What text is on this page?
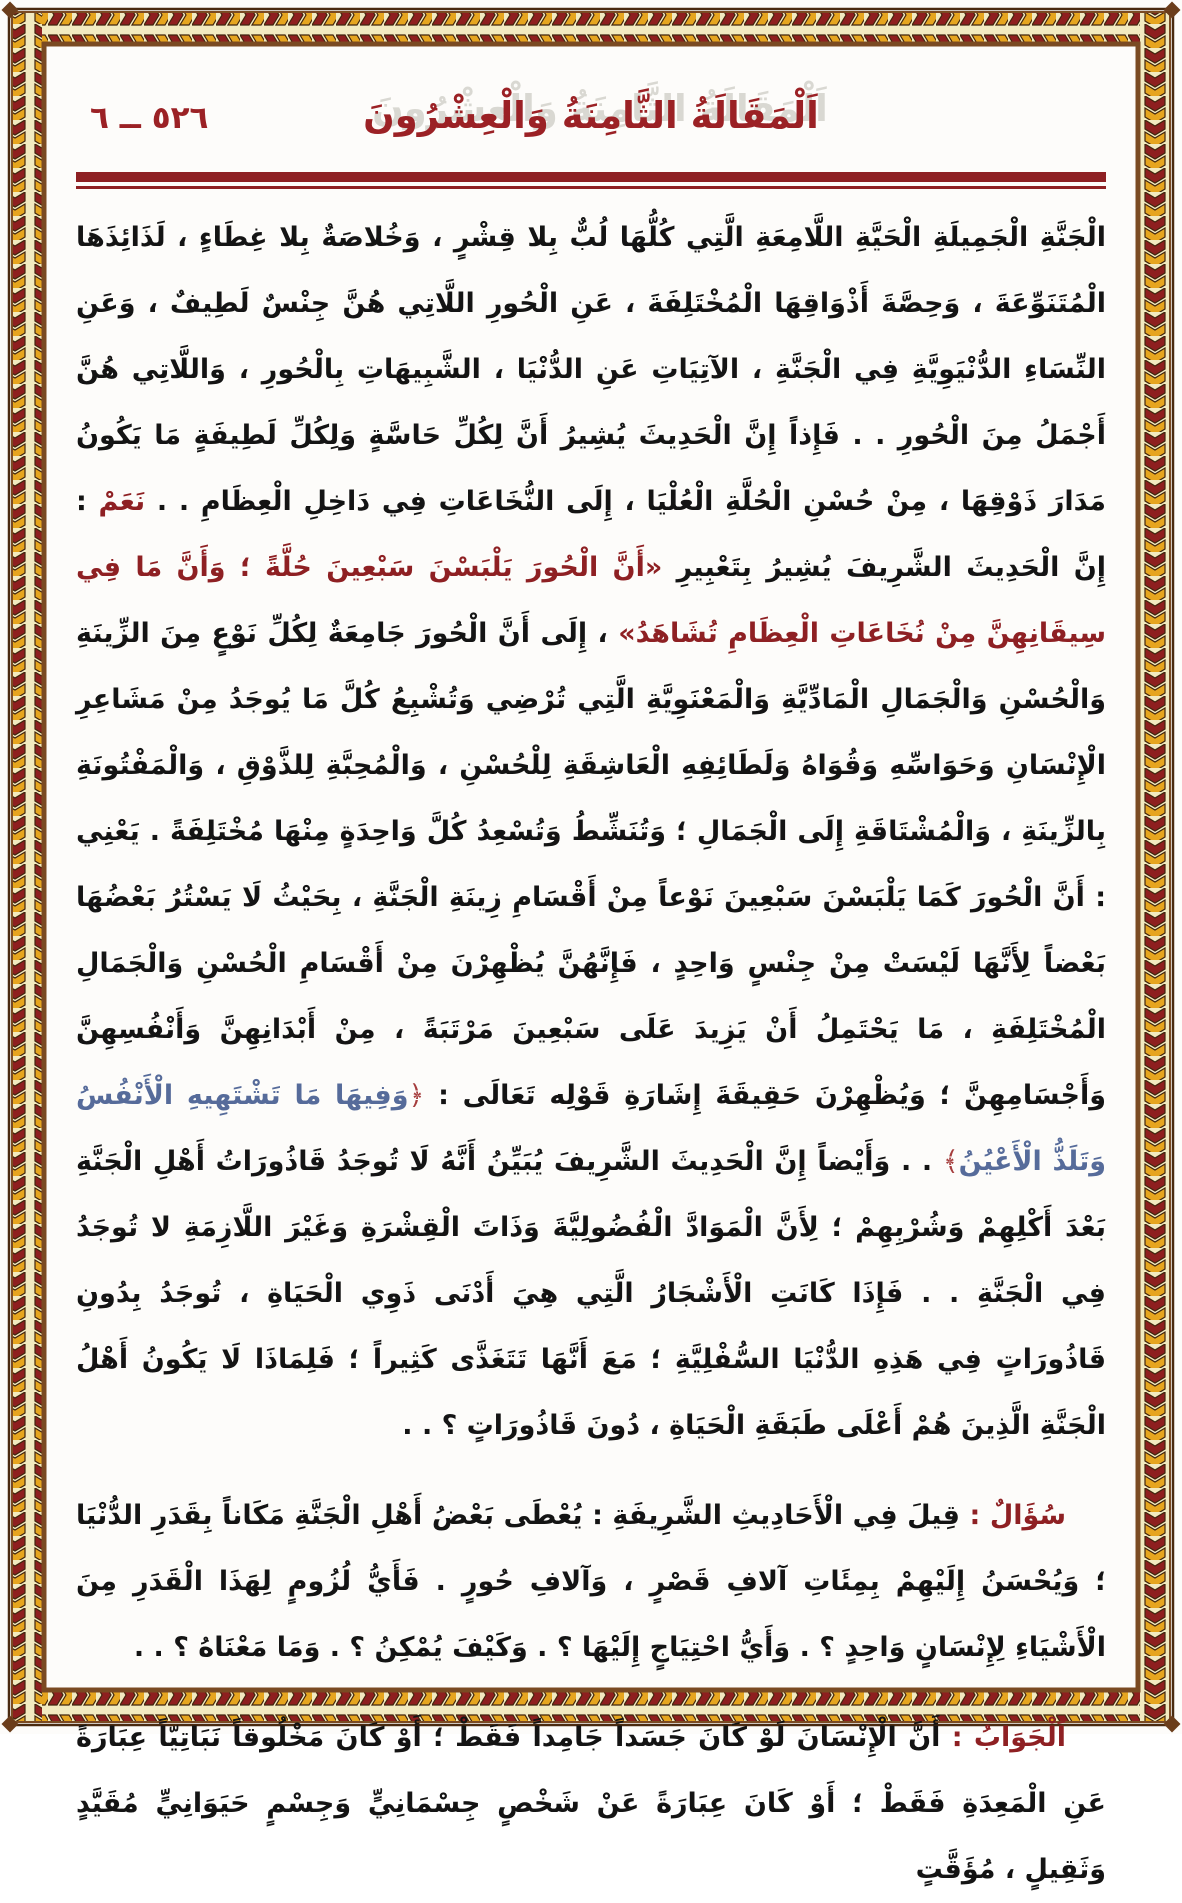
اَلْمَقَالَةُ الثَّامِنَةُ وَالْعِشْرُونَ
٥٢٦ ــ ٦

الْجَنَّةِ الْجَمِيلَةِ الْحَيَّةِ اللَّامِعَةِ الَّتِي كُلُّهَا لُبٌّ بِلا قِشْرٍ ، وَخُلاصَةٌ بِلا غِطَاءٍ ، لَذَائِذَهَا الْمُتَنَوِّعَةَ ، وَحِصَّةَ أَذْوَاقِهَا الْمُخْتَلِفَةَ ، عَنِ الْحُورِ اللَّاتِي هُنَّ جِنْسٌ لَطِيفٌ ، وَعَنِ النِّسَاءِ الدُّنْيَوِيَّةِ فِي الْجَنَّةِ ، الآتِيَاتِ عَنِ الدُّنْيَا ، الشَّبِيهَاتِ بِالْحُورِ ، وَاللَّاتِي هُنَّ أَجْمَلُ مِنَ الْحُورِ . . فَإِذاً إِنَّ الْحَدِيثَ يُشِيرُ أَنَّ لِكُلِّ حَاسَّةٍ وَلِكُلِّ لَطِيفَةٍ مَا يَكُونُ مَدَارَ ذَوْقِهَا ، مِنْ حُسْنِ الْحُلَّةِ الْعُلْيَا ، إِلَى النُّخَاعَاتِ فِي دَاخِلِ الْعِظَامِ . . نَعَمْ : إِنَّ الْحَدِيثَ الشَّرِيفَ يُشِيرُ بِتَعْبِيرِ «أَنَّ الْحُورَ يَلْبَسْنَ سَبْعِينَ حُلَّةً ؛ وَأَنَّ مَا فِي سِيقَانِهِنَّ مِنْ نُخَاعَاتِ الْعِظَامِ تُشَاهَدُ» ، إِلَى أَنَّ الْحُورَ جَامِعَةٌ لِكُلِّ نَوْعٍ مِنَ الزِّينَةِ وَالْحُسْنِ وَالْجَمَالِ الْمَادِّيَّةِ وَالْمَعْنَوِيَّةِ الَّتِي تُرْضِي وَتُشْبِعُ كُلَّ مَا يُوجَدُ مِنْ مَشَاعِرِ الْإِنْسَانِ وَحَوَاسِّهِ وَقُوَاهُ وَلَطَائِفِهِ الْعَاشِقَةِ لِلْحُسْنِ ، وَالْمُحِبَّةِ لِلذَّوْقِ ، وَالْمَفْتُونَةِ بِالزِّينَةِ ، وَالْمُشْتَاقَةِ إِلَى الْجَمَالِ ؛ وَتُنَشِّطُ وَتُسْعِدُ كُلَّ وَاحِدَةٍ مِنْهَا مُخْتَلِفَةً . يَعْنِي : أَنَّ الْحُورَ كَمَا يَلْبَسْنَ سَبْعِينَ نَوْعاً مِنْ أَقْسَامِ زِينَةِ الْجَنَّةِ ، بِحَيْثُ لَا يَسْتُرُ بَعْضُهَا بَعْضاً لِأَنَّهَا لَيْسَتْ مِنْ جِنْسٍ وَاحِدٍ ، فَإِنَّهُنَّ يُظْهِرْنَ مِنْ أَقْسَامِ الْحُسْنِ وَالْجَمَالِ الْمُخْتَلِفَةِ ، مَا يَحْتَمِلُ أَنْ يَزِيدَ عَلَى سَبْعِينَ مَرْتَبَةً ، مِنْ أَبْدَانِهِنَّ وَأَنْفُسِهِنَّ وَأَجْسَامِهِنَّ ؛ وَيُظْهِرْنَ حَقِيقَةَ إِشَارَةِ قَوْلِه تَعَالَى : ﴿وَفِيهَا مَا تَشْتَهِيهِ الْأَنْفُسُ وَتَلَذُّ الْأَعْيُنُ﴾ . . وَأَيْضاً إِنَّ الْحَدِيثَ الشَّرِيفَ يُبَيِّنُ أَنَّهُ لَا تُوجَدُ قَاذُورَاتُ أَهْلِ الْجَنَّةِ بَعْدَ أَكْلِهِمْ وَشُرْبِهِمْ ؛ لِأَنَّ الْمَوَادَّ الْفُضُولِيَّةَ وَذَاتَ الْقِشْرَةِ وَغَيْرَ اللَّازِمَةِ لا تُوجَدُ فِي الْجَنَّةِ . . فَإِذَا كَانَتِ الْأَشْجَارُ الَّتِي هِيَ أَدْنَى ذَوِي الْحَيَاةِ ، تُوجَدُ بِدُونِ قَاذُورَاتٍ فِي هَذِهِ الدُّنْيَا السُّفْلِيَّةِ ؛ مَعَ أَنَّهَا تَتَغَذَّى كَثِيراً ؛ فَلِمَاذَا لَا يَكُونُ أَهْلُ الْجَنَّةِ الَّذِينَ هُمْ أَعْلَى طَبَقَةِ الْحَيَاةِ ، دُونَ قَاذُورَاتٍ ؟ . .

سُؤَالٌ : قِيلَ فِي الْأَحَادِيثِ الشَّرِيفَةِ : يُعْطَى بَعْضُ أَهْلِ الْجَنَّةِ مَكَاناً بِقَدَرِ الدُّنْيَا ؛ وَيُحْسَنُ إِلَيْهِمْ بِمِئَاتِ آلافِ قَصْرٍ ، وَآلافِ حُورٍ . فَأَيُّ لُزُومٍ لِهَذَا الْقَدَرِ مِنَ الْأَشْيَاءِ لِإِنْسَانٍ وَاحِدٍ ؟ . وَأَيُّ احْتِيَاجٍ إِلَيْهَا ؟ . وَكَيْفَ يُمْكِنُ ؟ . وَمَا مَعْنَاهُ ؟ . .

اَلْجَوَابُ : أَنَّ الْإِنْسَانَ لَوْ كَانَ جَسَداً جَامِداً فَقَطْ ؛ أَوْ كَانَ مَخْلُوقاً نَبَاتِيّاً عِبَارَةً عَنِ الْمَعِدَةِ فَقَطْ ؛ أَوْ كَانَ عِبَارَةً عَنْ شَخْصٍ جِسْمَانِيٍّ وَجِسْمٍ حَيَوَانِيٍّ مُقَيَّدٍ وَثَقِيلٍ ، مُؤَقَّتٍ
